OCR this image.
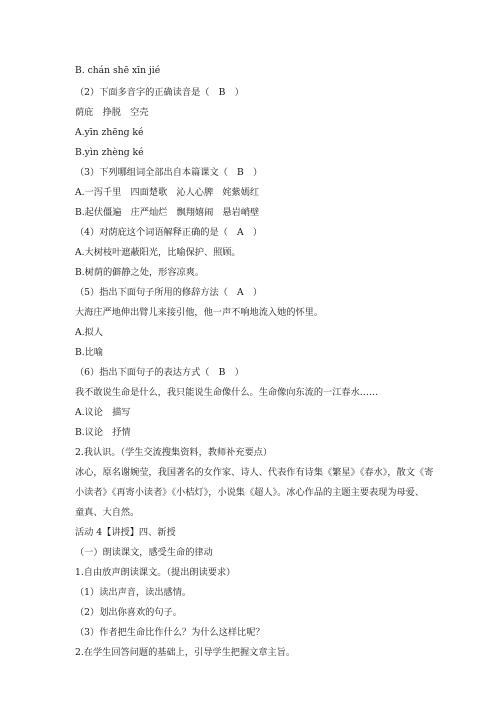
B. chán shē xīn jié

（2）下面多音字的正确读音是（　B　）

荫庇　挣脱　空壳

A.yīn zhēng ké

B.yìn zhèng ké

（3）下列哪组词全部出自本篇课文（　B　）

A.一泻千里　四面楚歌　沁人心脾　姹紫嫣红

B.起伏僵遍　庄严灿烂　飘翔嬉闹　悬岩峭壁

（4）对荫庇这个词语解释正确的是（　A　）

A.大树枝叶遮蔽阳光，比喻保护、照顾。

B.树荫的僻静之处，形容凉爽。

（5）指出下面句子所用的修辞方法（　A　）

大海庄严地伸出臂儿来接引他，他一声不响地流入她的怀里。

A.拟人

B.比喻

（6）指出下面句子的表达方式（　B　）

我不敢说生命是什么，我只能说生命像什么。生命像向东流的一江春水……

A.议论　描写

B.议论　抒情

2.我认识。（学生交流搜集资料，教师补充要点）

冰心，原名谢婉莹，我国著名的女作家、诗人、代表作有诗集《繁星》《春水》，散文《寄

小读者》《再寄小读者》《小桔灯》，小说集《超人》。冰心作品的主题主要表现为母爱、

童真、大自然。

活动 4【讲授】四、新授

（一）朗读课文，感受生命的律动

1.自由放声朗读课文。（提出朗读要求）

（1）读出声音，读出感情。

（2）划出你喜欢的句子。

（3）作者把生命比作什么？为什么这样比呢？

2.在学生回答问题的基础上，引导学生把握文章主旨。
